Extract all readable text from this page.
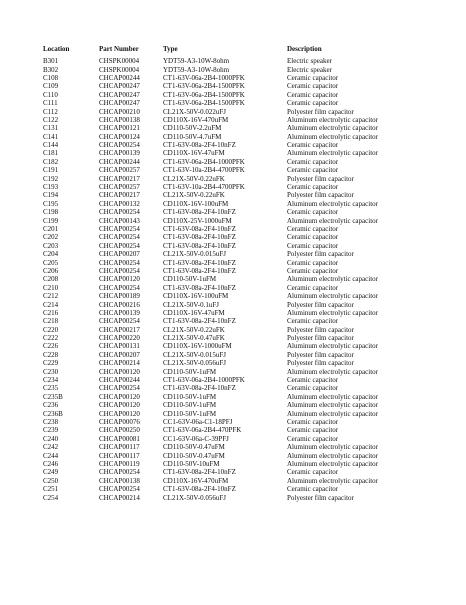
Location	Part Number	Type	Description
B301	CHSPK00004	YDT59-A3-10W-8ohm	Electric speaker
B302	CHSPK00004	YDT59-A3-10W-8ohm	Electric speaker
C108	CHCAP00244	CT1-63V-06a-2B4-1000PFK	Ceramic capacitor
C109	CHCAP00247	CT1-63V-06a-2B4-1500PFK	Ceramic capacitor
C110	CHCAP00247	CT1-63V-06a-2B4-1500PFK	Ceramic capacitor
C111	CHCAP00247	CT1-63V-06a-2B4-1500PFK	Ceramic capacitor
C112	CHCAP00210	CL21X-50V-0.022uFJ	Polyester film capacitor
C122	CHCAP00138	CD110X-16V-470uFM	Aluminum electrolytic capacitor
C131	CHCAP00121	CD110-50V-2.2uFM	Aluminum electrolytic capacitor
C141	CHCAP00124	CD110-50V-4.7uFM	Aluminum electrolytic capacitor
C144	CHCAP00254	CT1-63V-08a-2F4-10nFZ	Ceramic capacitor
C181	CHCAP00139	CD110X-16V-47uFM	Aluminum electrolytic capacitor
C182	CHCAP00244	CT1-63V-06a-2B4-1000PFK	Ceramic capacitor
C191	CHCAP00257	CT1-63V-10a-2B4-4700PFK	Ceramic capacitor
C192	CHCAP00217	CL21X-50V-0.22uFK	Polyester film capacitor
C193	CHCAP00257	CT1-63V-10a-2B4-4700PFK	Ceramic capacitor
C194	CHCAP00217	CL21X-50V-0.22uFK	Polyester film capacitor
C195	CHCAP00132	CD110X-16V-100uFM	Aluminum electrolytic capacitor
C198	CHCAP00254	CT1-63V-08a-2F4-10nFZ	Ceramic capacitor
C199	CHCAP00143	CD110X-25V-1000uFM	Aluminum electrolytic capacitor
C201	CHCAP00254	CT1-63V-08a-2F4-10nFZ	Ceramic capacitor
C202	CHCAP00254	CT1-63V-08a-2F4-10nFZ	Ceramic capacitor
C203	CHCAP00254	CT1-63V-08a-2F4-10nFZ	Ceramic capacitor
C204	CHCAP00207	CL21X-50V-0.015uFJ	Polyester film capacitor
C205	CHCAP00254	CT1-63V-08a-2F4-10nFZ	Ceramic capacitor
C206	CHCAP00254	CT1-63V-08a-2F4-10nFZ	Ceramic capacitor
C208	CHCAP00120	CD110-50V-1uFM	Aluminum electrolytic capacitor
C210	CHCAP00254	CT1-63V-08a-2F4-10nFZ	Ceramic capacitor
C212	CHCAP00189	CD110X-16V-100uFM	Aluminum electrolytic capacitor
C214	CHCAP00216	CL21X-50V-0.1uFJ	Polyester film capacitor
C216	CHCAP00139	CD110X-16V-47uFM	Aluminum electrolytic capacitor
C218	CHCAP00254	CT1-63V-08a-2F4-10nFZ	Ceramic capacitor
C220	CHCAP00217	CL21X-50V-0.22uFK	Polyester film capacitor
C222	CHCAP00220	CL21X-50V-0.47uFK	Polyester film capacitor
C226	CHCAP00131	CD110X-16V-1000uFM	Aluminum electrolytic capacitor
C228	CHCAP00207	CL21X-50V-0.015uFJ	Polyester film capacitor
C229	CHCAP00214	CL21X-50V-0.056uFJ	Polyester film capacitor
C230	CHCAP00120	CD110-50V-1uFM	Aluminum electrolytic capacitor
C234	CHCAP00244	CT1-63V-06a-2B4-1000PFK	Ceramic capacitor
C235	CHCAP00254	CT1-63V-08a-2F4-10nFZ	Ceramic capacitor
C235B	CHCAP00120	CD110-50V-1uFM	Aluminum electrolytic capacitor
C236	CHCAP00120	CD110-50V-1uFM	Aluminum electrolytic capacitor
C236B	CHCAP00120	CD110-50V-1uFM	Aluminum electrolytic capacitor
C238	CHCAP00076	CC1-63V-06a-C1-18PFJ	Ceramic capacitor
C239	CHCAP00250	CT1-63V-06a-2B4-470PFK	Ceramic capacitor
C240	CHCAP00081	CC1-63V-06a-C-39PFJ	Ceramic capacitor
C242	CHCAP00117	CD110-50V-0.47uFM	Aluminum electrolytic capacitor
C244	CHCAP00117	CD110-50V-0.47uFM	Aluminum electrolytic capacitor
C246	CHCAP00119	CD110-50V-10uFM	Aluminum electrolytic capacitor
C249	CHCAP00254	CT1-63V-08a-2F4-10nFZ	Ceramic capacitor
C250	CHCAP00138	CD110X-16V-470uFM	Aluminum electrolytic capacitor
C251	CHCAP00254	CT1-63V-08a-2F4-10nFZ	Ceramic capacitor
C254	CHCAP00214	CL21X-50V-0.056uFJ	Polyester film capacitor
